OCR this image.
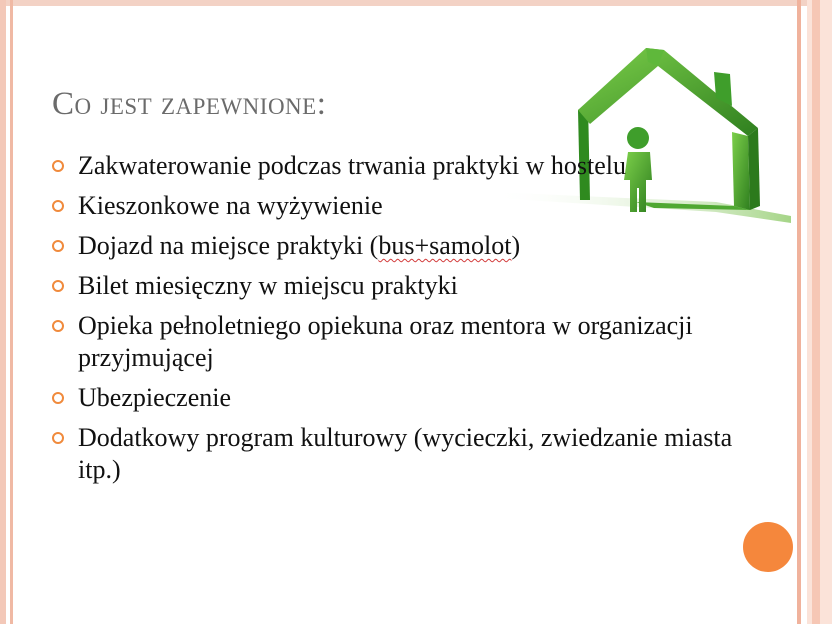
Co jest zapewnione:
Zakwaterowanie podczas trwania praktyki w hostelu
Kieszonkowe na wyżywienie
Dojazd na miejsce praktyki (bus+samolot)
Bilet miesięczny w miejscu praktyki
Opieka pełnoletniego opiekuna oraz mentora w organizacji przyjmującej
Ubezpieczenie
Dodatkowy program kulturowy (wycieczki, zwiedzanie miasta itp.)
